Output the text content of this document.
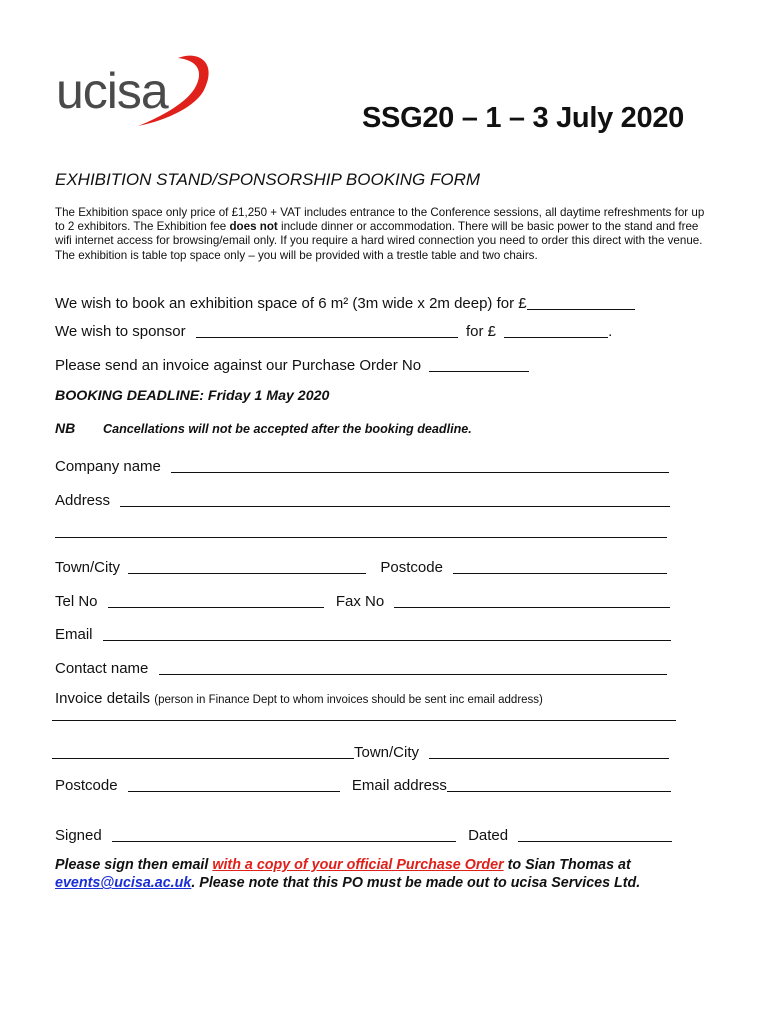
ucisa	SSG20 – 1 – 3 July 2020
EXHIBITION STAND/SPONSORSHIP BOOKING FORM
The Exhibition space only price of £1,250 + VAT includes entrance to the Conference sessions, all daytime refreshments for up to 2 exhibitors. The Exhibition fee does not include dinner or accommodation. There will be basic power to the stand and free wifi internet access for browsing/email only. If you require a hard wired connection you need to order this direct with the venue. The exhibition is table top space only – you will be provided with a trestle table and two chairs.
We wish to book an exhibition space of 6 m² (3m wide x 2m deep) for £
We wish to sponsor	for £	.
Please send an invoice against our Purchase Order No
BOOKING DEADLINE: Friday 1 May 2020
NB Cancellations will not be accepted after the booking deadline.
Company name
Address
Town/City	Postcode
Tel No	Fax No
Email
Contact name
Invoice details (person in Finance Dept to whom invoices should be sent inc email address)
Town/City
Postcode	Email address
Signed	Dated
Please sign then email with a copy of your official Purchase Order to Sian Thomas at
events@ucisa.ac.uk. Please note that this PO must be made out to ucisa Services Ltd.
